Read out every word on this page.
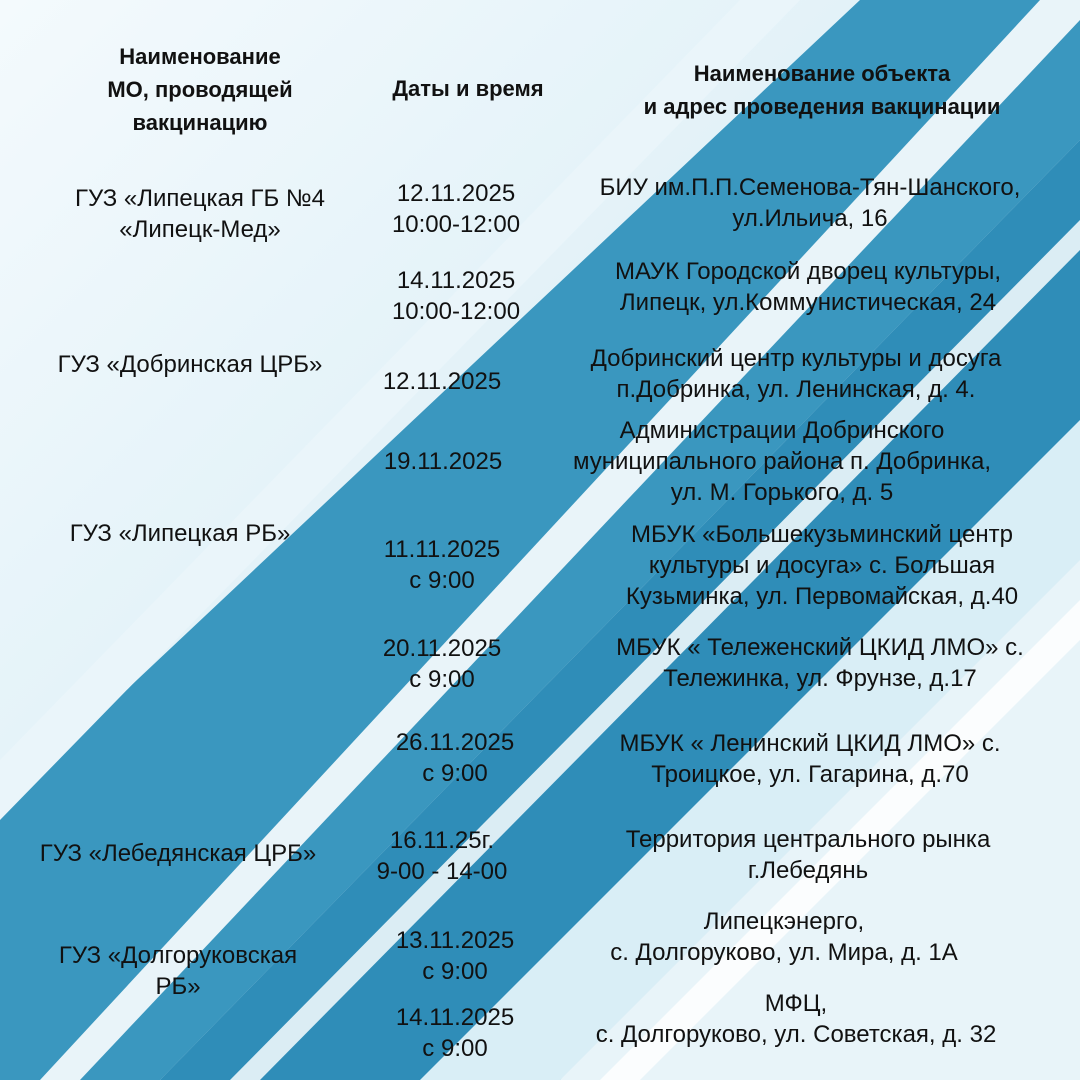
Наименование
МО, проводящей
вакцинацию
Даты и время
Наименование объекта
и адрес проведения вакцинации
ГУЗ «Липецкая ГБ №4
«Липецк-Мед»
ГУЗ «Добринская ЦРБ»
ГУЗ «Липецкая РБ»
ГУЗ «Лебедянская ЦРБ»
ГУЗ «Долгоруковская
РБ»
12.11.2025
10:00-12:00
14.11.2025
10:00-12:00
12.11.2025
19.11.2025
11.11.2025
с 9:00
20.11.2025
с 9:00
26.11.2025
с 9:00
16.11.25г.
9-00 - 14-00
13.11.2025
с 9:00
14.11.2025
с 9:00
БИУ им.П.П.Семенова-Тян-Шанского,
ул.Ильича, 16
МАУК Городской дворец культуры,
Липецк, ул.Коммунистическая, 24
Добринский центр культуры и досуга
п.Добринка, ул. Ленинская, д. 4.
Администрации Добринского
муниципального района п. Добринка,
ул. М. Горького, д. 5
МБУК «Большекузьминский центр
культуры и досуга» с. Большая
Кузьминка, ул. Первомайская, д.40
МБУК « Тележенский ЦКИД ЛМО» с.
Тележинка, ул. Фрунзе, д.17
МБУК « Ленинский ЦКИД ЛМО» с.
Троицкое, ул. Гагарина, д.70
Территория центрального рынка
г.Лебедянь
Липецкэнерго,
с. Долгоруково, ул. Мира, д. 1А
МФЦ,
с. Долгоруково, ул. Советская, д. 32
